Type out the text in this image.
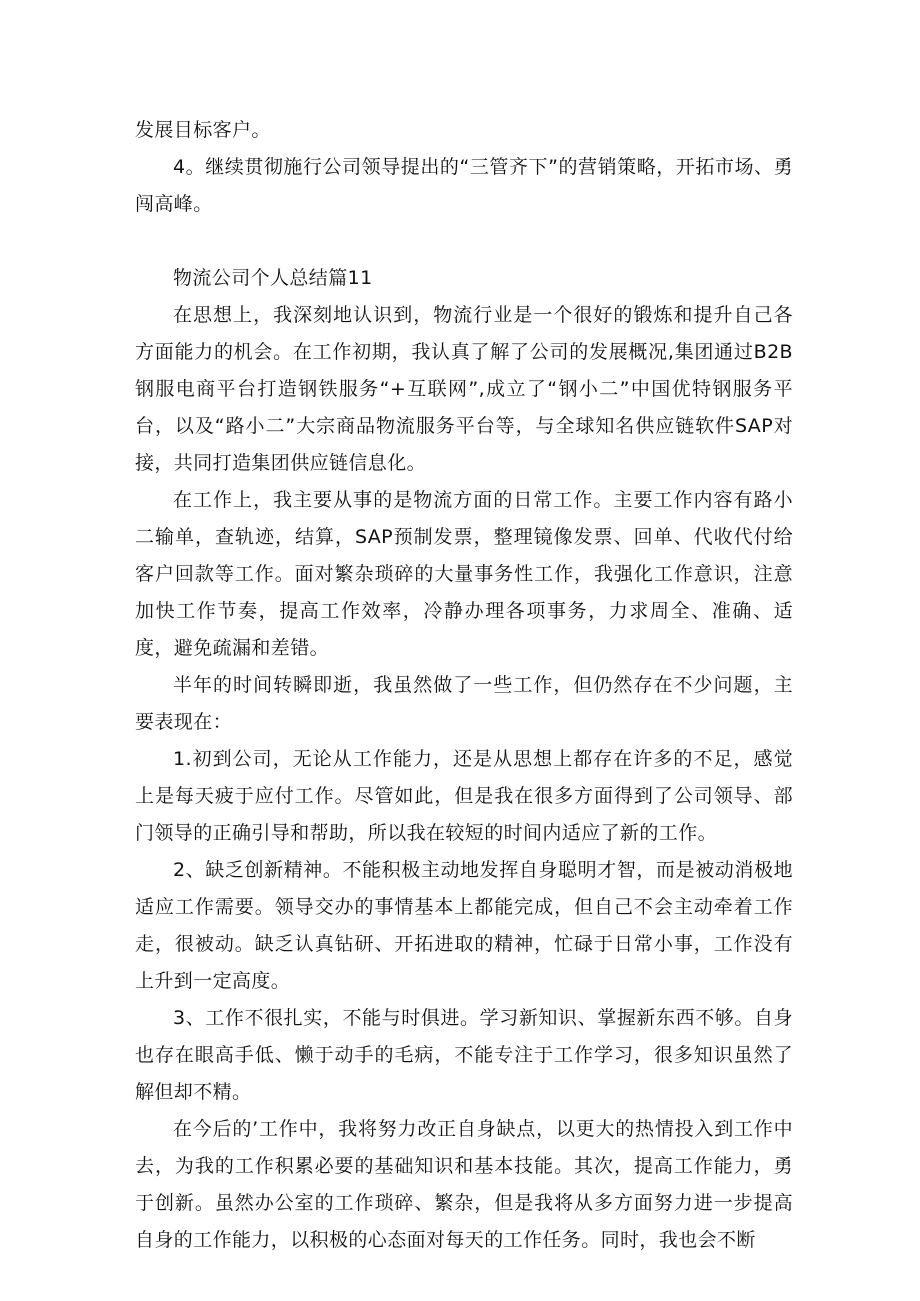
发展目标客户。

4。继续贯彻施行公司领导提出的“三管齐下”的营销策略，开拓市场、勇闯高峰。

物流公司个人总结篇11

在思想上，我深刻地认识到，物流行业是一个很好的锻炼和提升自己各方面能力的机会。在工作初期，我认真了解了公司的发展概况,集团通过B2B钢服电商平台打造钢铁服务“+互联网”,成立了“钢小二”中国优特钢服务平台，以及“路小二”大宗商品物流服务平台等，与全球知名供应链软件SAP对接，共同打造集团供应链信息化。

在工作上，我主要从事的是物流方面的日常工作。主要工作内容有路小二输单，查轨迹，结算，SAP预制发票，整理镜像发票、回单、代收代付给客户回款等工作。面对繁杂琐碎的大量事务性工作，我强化工作意识，注意加快工作节奏，提高工作效率，冷静办理各项事务，力求周全、准确、适度，避免疏漏和差错。

半年的时间转瞬即逝，我虽然做了一些工作，但仍然存在不少问题，主要表现在：

1.初到公司，无论从工作能力，还是从思想上都存在许多的不足，感觉上是每天疲于应付工作。尽管如此，但是我在很多方面得到了公司领导、部门领导的正确引导和帮助，所以我在较短的时间内适应了新的工作。

2、缺乏创新精神。不能积极主动地发挥自身聪明才智，而是被动消极地适应工作需要。领导交办的事情基本上都能完成，但自己不会主动牵着工作走，很被动。缺乏认真钻研、开拓进取的精神，忙碌于日常小事，工作没有上升到一定高度。

3、工作不很扎实，不能与时俱进。学习新知识、掌握新东西不够。自身也存在眼高手低、懒于动手的毛病，不能专注于工作学习，很多知识虽然了解但却不精。

在今后的’工作中，我将努力改正自身缺点，以更大的热情投入到工作中去，为我的工作积累必要的基础知识和基本技能。其次，提高工作能力，勇于创新。虽然办公室的工作琐碎、繁杂，但是我将从多方面努力进一步提高自身的工作能力，以积极的心态面对每天的工作任务。同时，我也会不断
